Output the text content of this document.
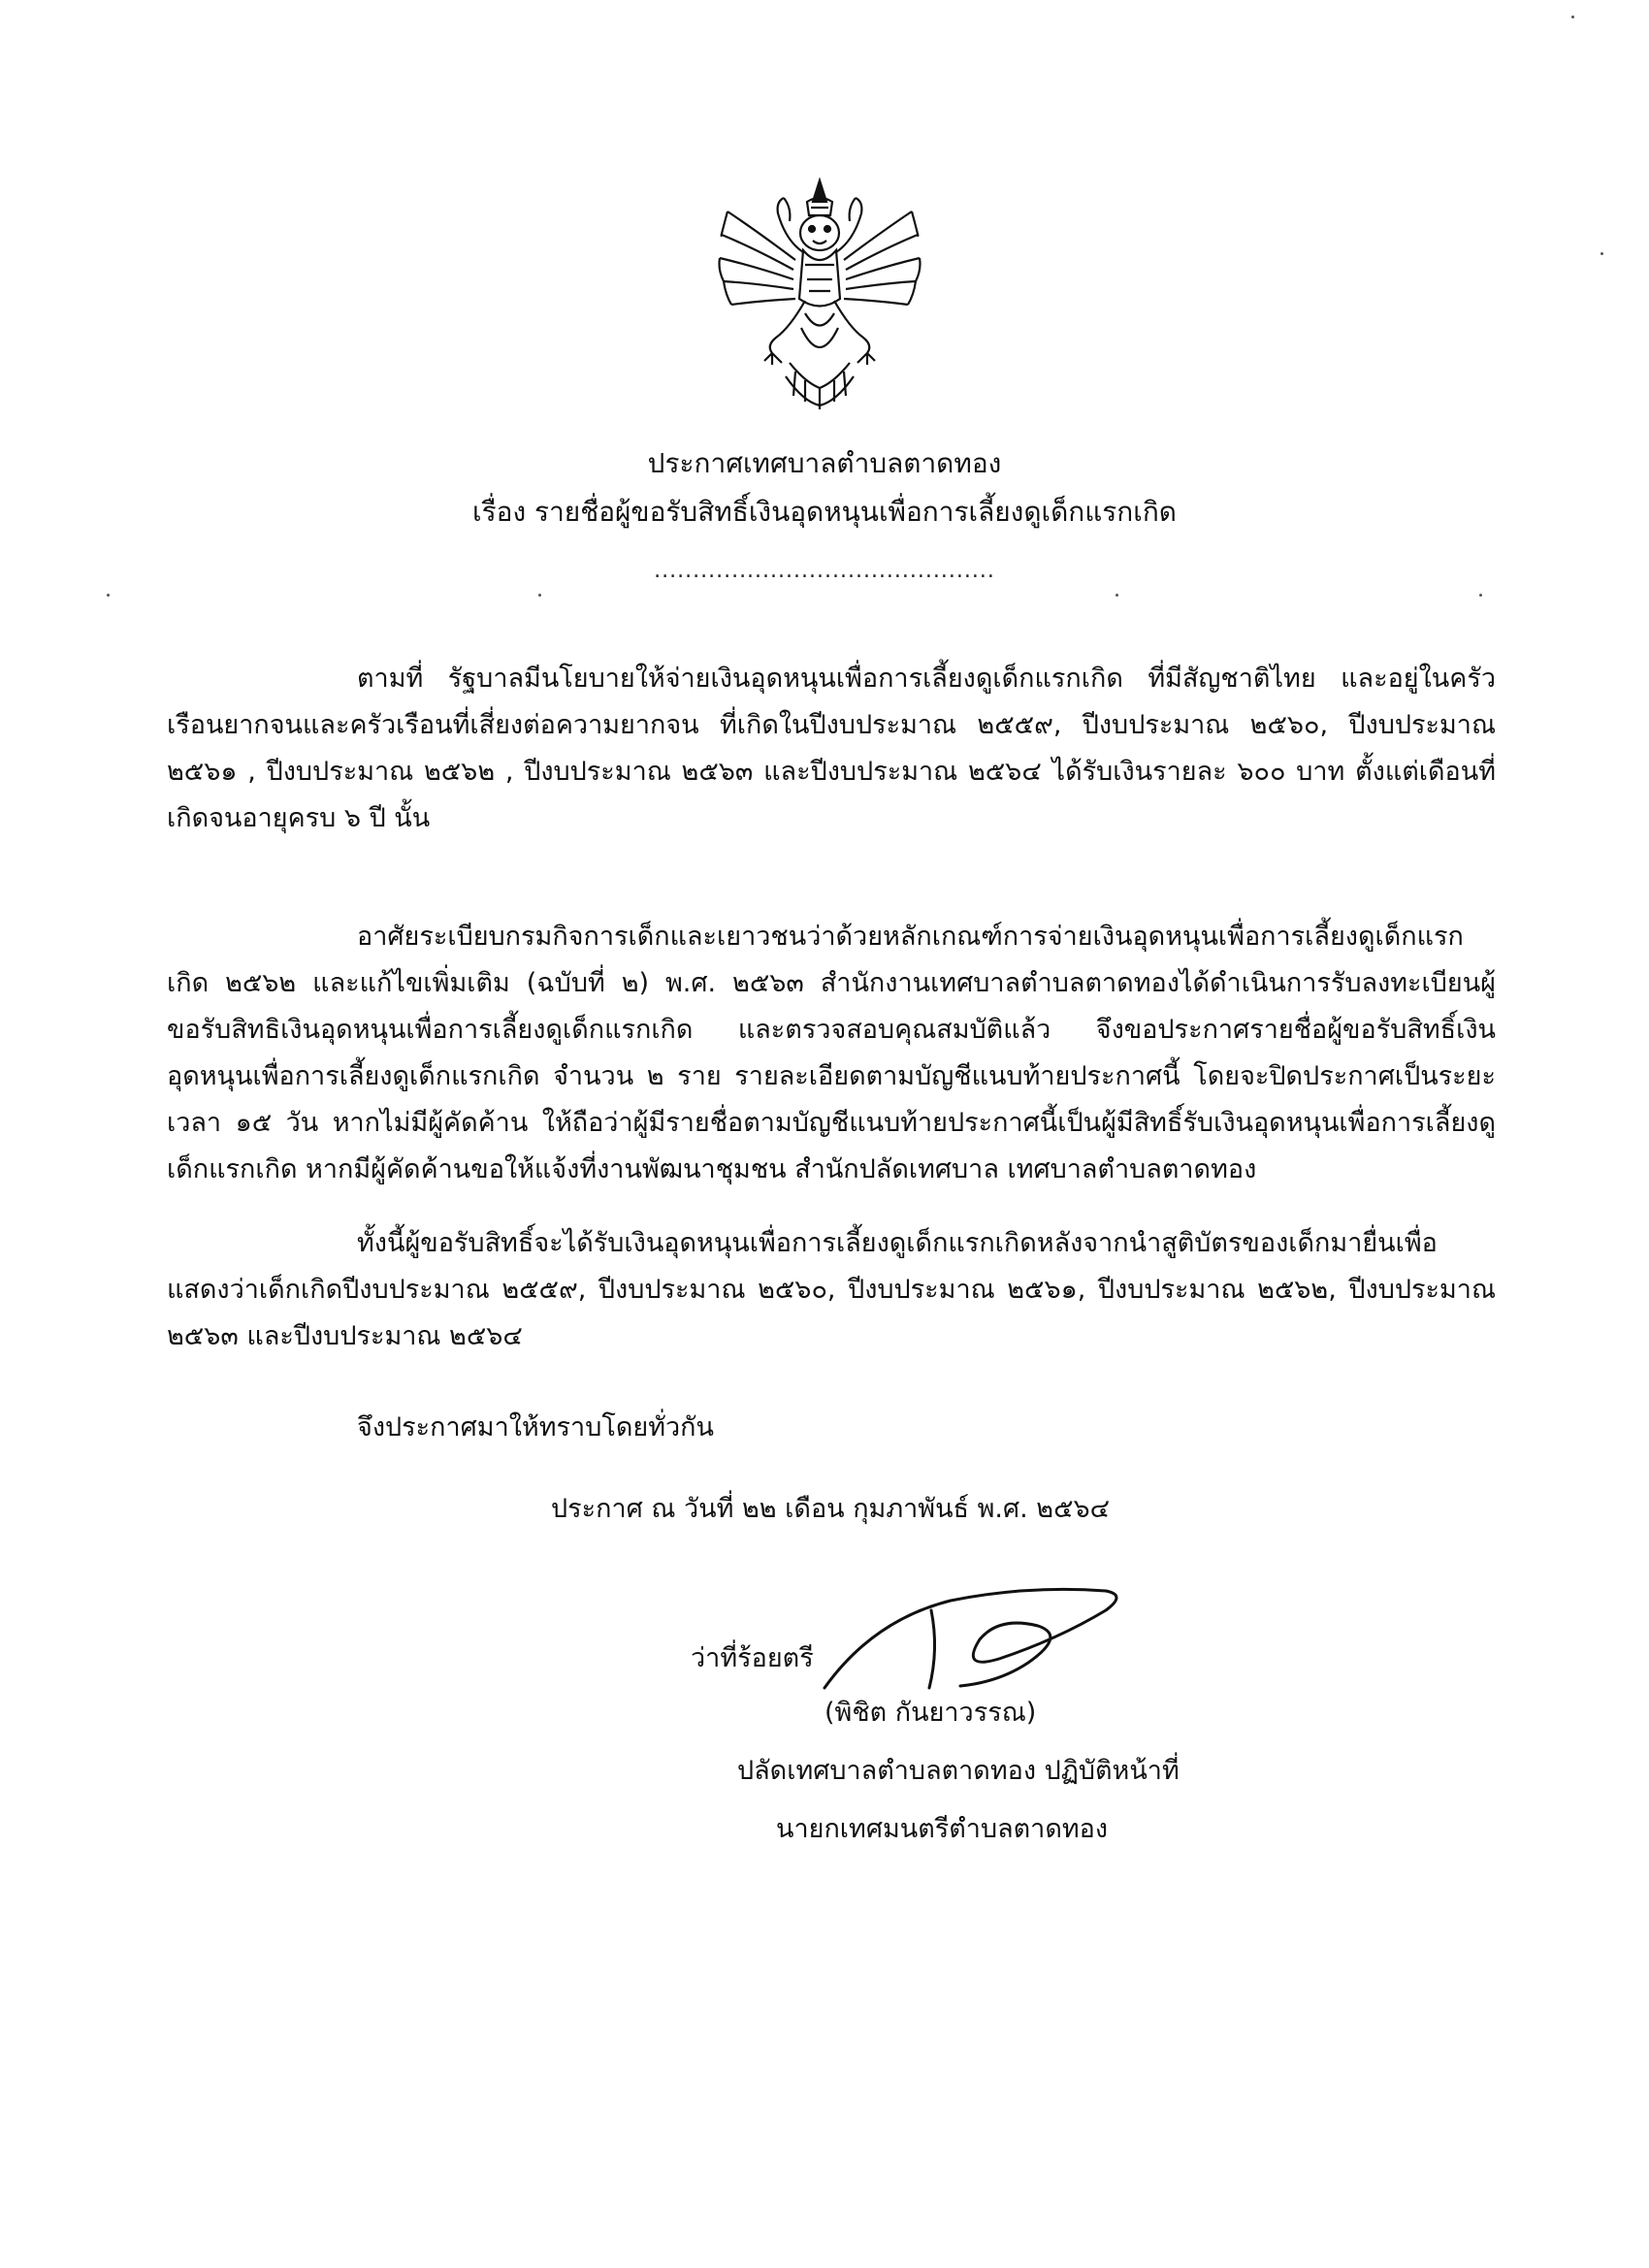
ประกาศเทศบาลตำบลตาดทอง
เรื่อง รายชื่อผู้ขอรับสิทธิ์เงินอุดหนุนเพื่อการเลี้ยงดูเด็กแรกเกิด
............................................

ตามที่ รัฐบาลมีนโยบายให้จ่ายเงินอุดหนุนเพื่อการเลี้ยงดูเด็กแรกเกิด ที่มีสัญชาติไทย และอยู่ในครัวเรือนยากจนและครัวเรือนที่เสี่ยงต่อความยากจน ที่เกิดในปีงบประมาณ ๒๕๕๙, ปีงบประมาณ ๒๕๖๐, ปีงบประมาณ ๒๕๖๑ , ปีงบประมาณ ๒๕๖๒ , ปีงบประมาณ ๒๕๖๓ และปีงบประมาณ ๒๕๖๔ ได้รับเงินรายละ ๖๐๐ บาท ตั้งแต่เดือนที่เกิดจนอายุครบ ๖ ปี นั้น

อาศัยระเบียบกรมกิจการเด็กและเยาวชนว่าด้วยหลักเกณฑ์การจ่ายเงินอุดหนุนเพื่อการเลี้ยงดูเด็กแรกเกิด ๒๕๖๒ และแก้ไขเพิ่มเติม (ฉบับที่ ๒) พ.ศ. ๒๕๖๓ สำนักงานเทศบาลตำบลตาดทองได้ดำเนินการรับลงทะเบียนผู้ขอรับสิทธิเงินอุดหนุนเพื่อการเลี้ยงดูเด็กแรกเกิด และตรวจสอบคุณสมบัติแล้ว จึงขอประกาศรายชื่อผู้ขอรับสิทธิ์เงินอุดหนุนเพื่อการเลี้ยงดูเด็กแรกเกิด จำนวน ๒ ราย รายละเอียดตามบัญชีแนบท้ายประกาศนี้ โดยจะปิดประกาศเป็นระยะเวลา ๑๕ วัน หากไม่มีผู้คัดค้าน ให้ถือว่าผู้มีรายชื่อตามบัญชีแนบท้ายประกาศนี้เป็นผู้มีสิทธิ์รับเงินอุดหนุนเพื่อการเลี้ยงดูเด็กแรกเกิด หากมีผู้คัดค้านขอให้แจ้งที่งานพัฒนาชุมชน สำนักปลัดเทศบาล เทศบาลตำบลตาดทอง

ทั้งนี้ผู้ขอรับสิทธิ์จะได้รับเงินอุดหนุนเพื่อการเลี้ยงดูเด็กแรกเกิดหลังจากนำสูติบัตรของเด็กมายื่นเพื่อแสดงว่าเด็กเกิดปีงบประมาณ ๒๕๕๙, ปีงบประมาณ ๒๕๖๐, ปีงบประมาณ ๒๕๖๑, ปีงบประมาณ ๒๕๖๒, ปีงบประมาณ ๒๕๖๓ และปีงบประมาณ ๒๕๖๔

จึงประกาศมาให้ทราบโดยทั่วกัน
ประกาศ ณ วันที่ ๒๒ เดือน กุมภาพันธ์ พ.ศ. ๒๕๖๔
ว่าที่ร้อยตรี
(พิชิต กันยาวรรณ)
ปลัดเทศบาลตำบลตาดทอง ปฏิบัติหน้าที่
นายกเทศมนตรีตำบลตาดทอง
